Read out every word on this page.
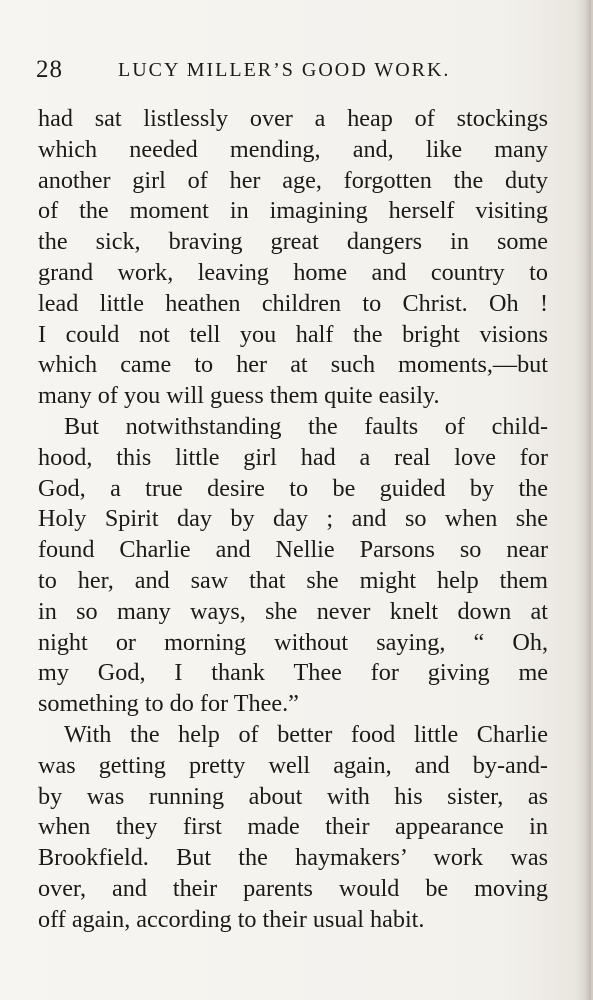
28	LUCY MILLER’S GOOD WORK.
had sat listlessly over a heap of stockings
which needed mending, and, like many
another girl of her age, forgotten the duty
of the moment in imagining herself visiting
the sick, braving great dangers in some
grand work, leaving home and country to
lead little heathen children to Christ. Oh !
I could not tell you half the bright visions
which came to her at such moments,—but
many of you will guess them quite easily.
But notwithstanding the faults of child-
hood, this little girl had a real love for
God, a true desire to be guided by the
Holy Spirit day by day ; and so when she
found Charlie and Nellie Parsons so near
to her, and saw that she might help them
in so many ways, she never knelt down at
night or morning without saying, “ Oh,
my God, I thank Thee for giving me
something to do for Thee.”
With the help of better food little Charlie
was getting pretty well again, and by-and-
by was running about with his sister, as
when they first made their appearance in
Brookfield. But the haymakers’ work was
over, and their parents would be moving
off again, according to their usual habit.
